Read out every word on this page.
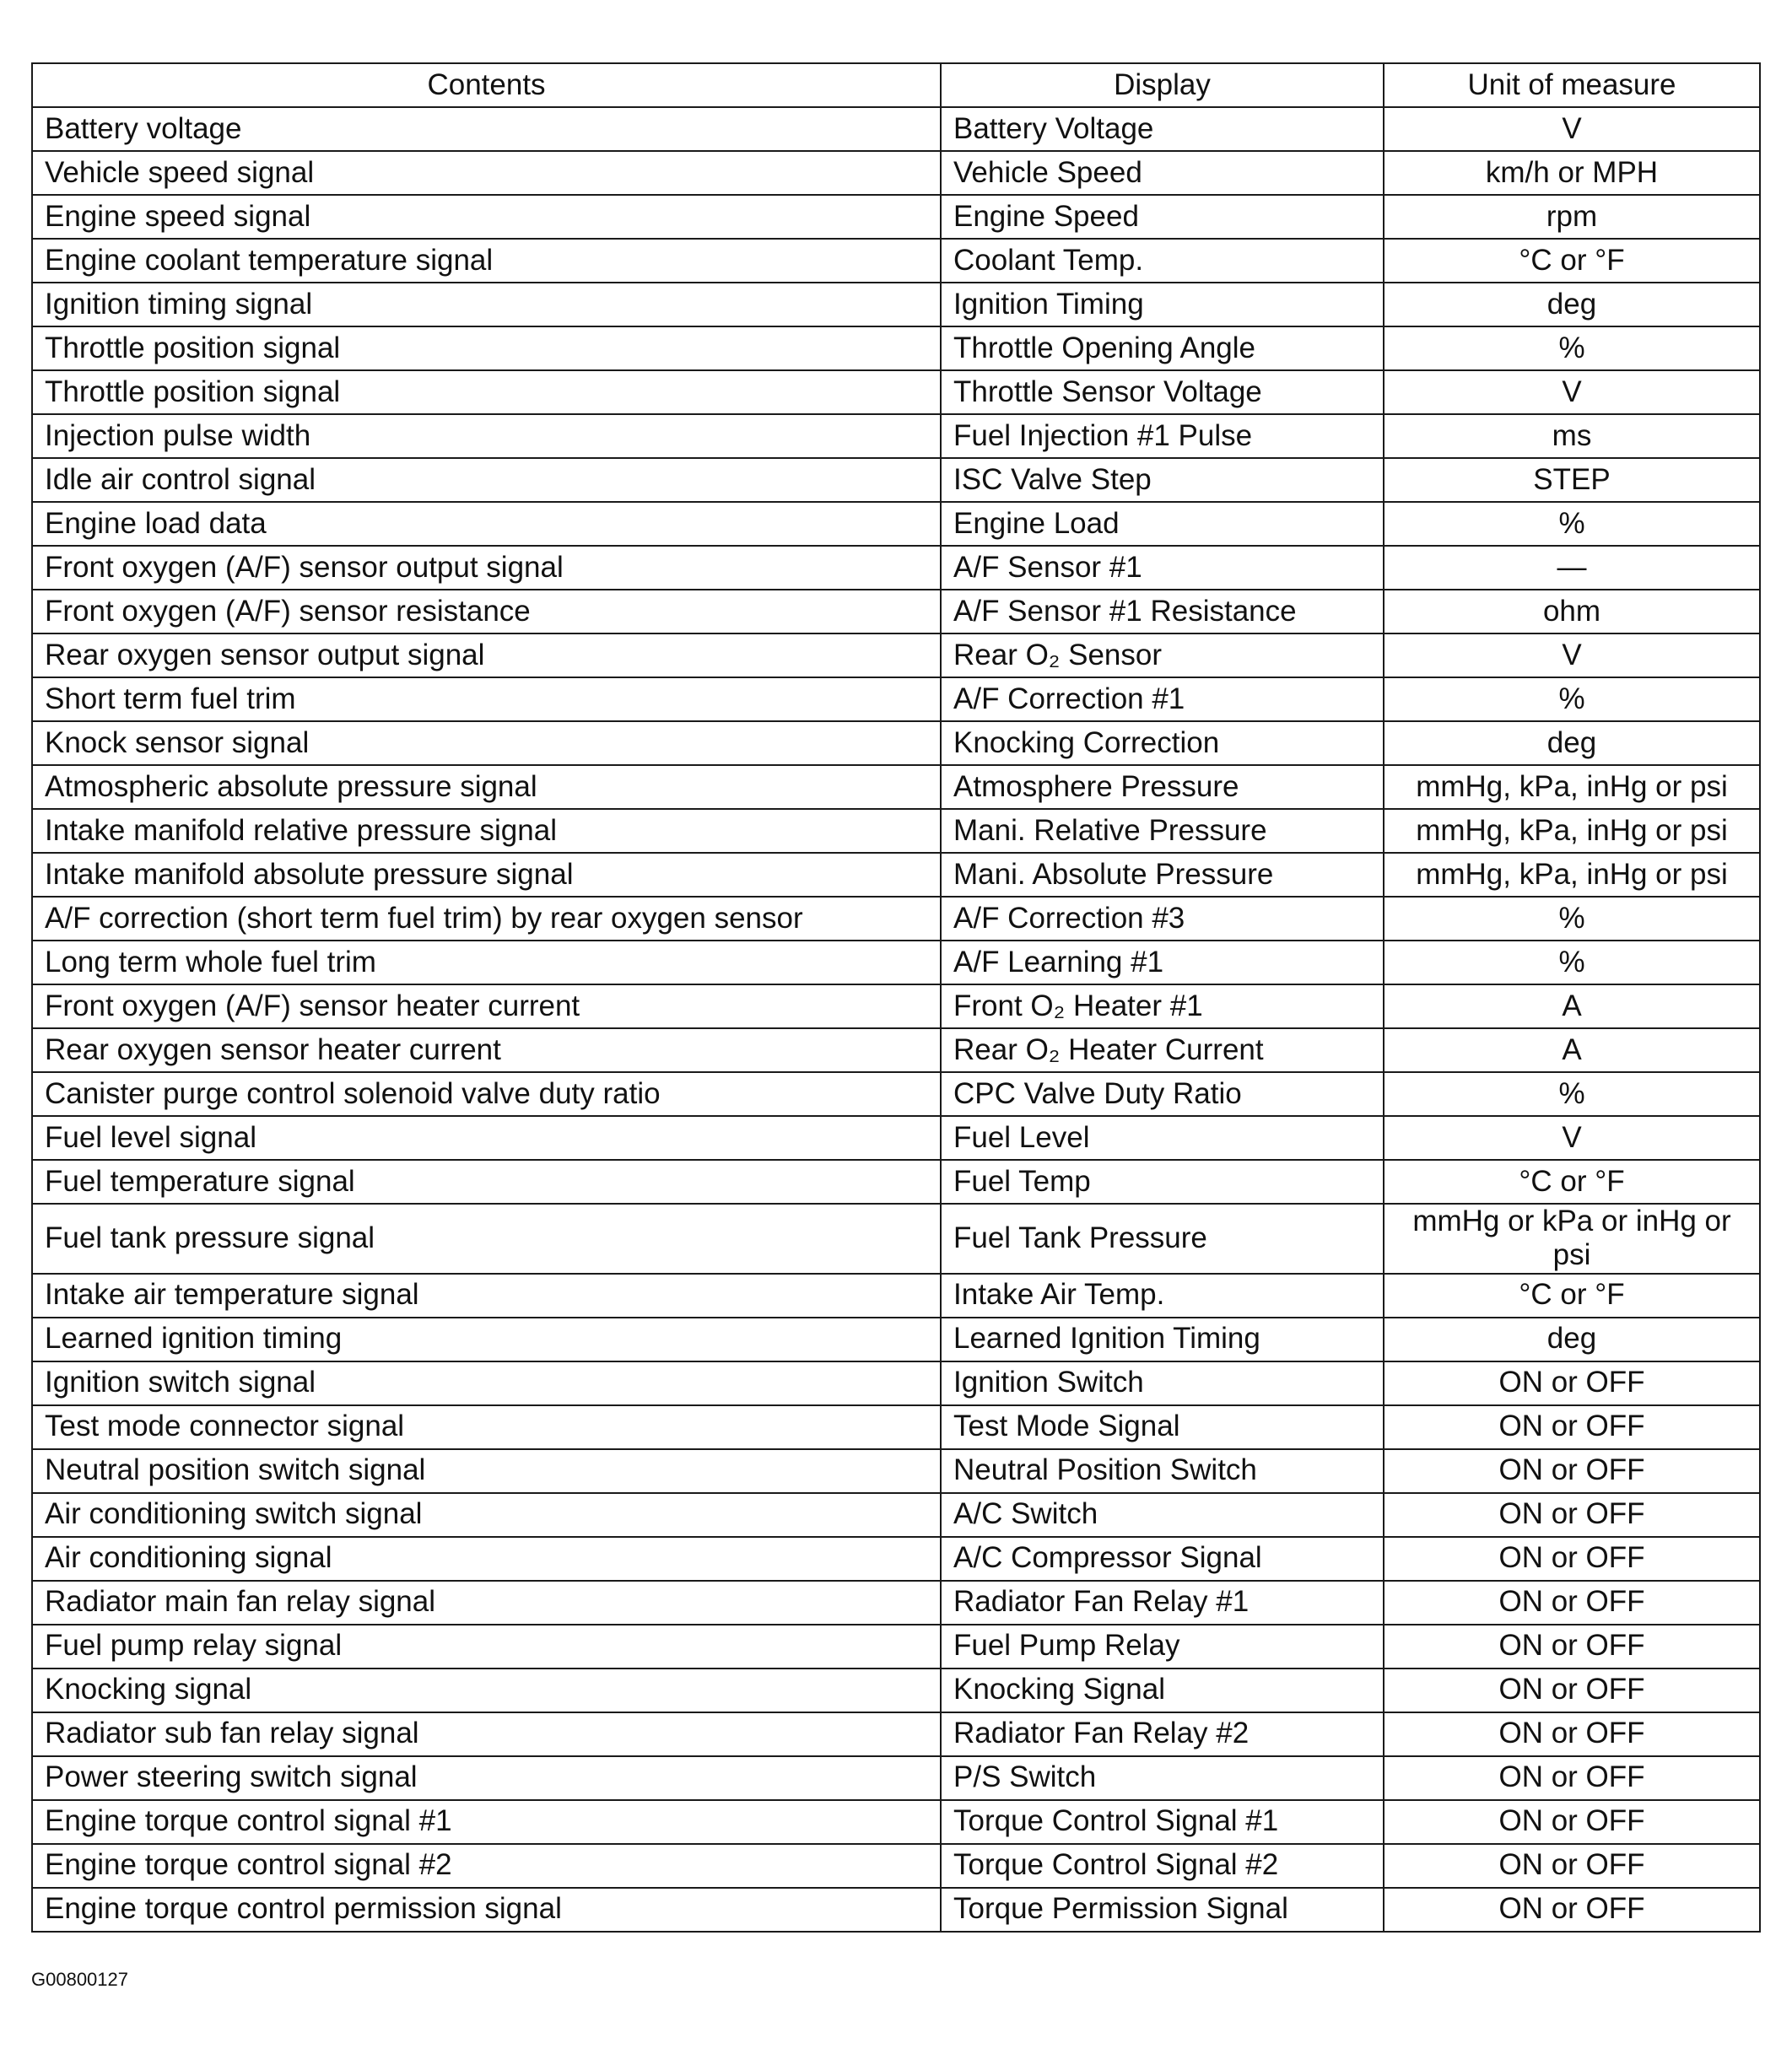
Contents	Display	Unit of measure
Battery voltage	Battery Voltage	V
Vehicle speed signal	Vehicle Speed	km/h or MPH
Engine speed signal	Engine Speed	rpm
Engine coolant temperature signal	Coolant Temp.	°C or °F
Ignition timing signal	Ignition Timing	deg
Throttle position signal	Throttle Opening Angle	%
Throttle position signal	Throttle Sensor Voltage	V
Injection pulse width	Fuel Injection #1 Pulse	ms
Idle air control signal	ISC Valve Step	STEP
Engine load data	Engine Load	%
Front oxygen (A/F) sensor output signal	A/F Sensor #1	—
Front oxygen (A/F) sensor resistance	A/F Sensor #1 Resistance	ohm
Rear oxygen sensor output signal	Rear O₂ Sensor	V
Short term fuel trim	A/F Correction #1	%
Knock sensor signal	Knocking Correction	deg
Atmospheric absolute pressure signal	Atmosphere Pressure	mmHg, kPa, inHg or psi
Intake manifold relative pressure signal	Mani. Relative Pressure	mmHg, kPa, inHg or psi
Intake manifold absolute pressure signal	Mani. Absolute Pressure	mmHg, kPa, inHg or psi
A/F correction (short term fuel trim) by rear oxygen sensor	A/F Correction #3	%
Long term whole fuel trim	A/F Learning #1	%
Front oxygen (A/F) sensor heater current	Front O₂ Heater #1	A
Rear oxygen sensor heater current	Rear O₂ Heater Current	A
Canister purge control solenoid valve duty ratio	CPC Valve Duty Ratio	%
Fuel level signal	Fuel Level	V
Fuel temperature signal	Fuel Temp	°C or °F
Fuel tank pressure signal	Fuel Tank Pressure	mmHg or kPa or inHg or psi
Intake air temperature signal	Intake Air Temp.	°C or °F
Learned ignition timing	Learned Ignition Timing	deg
Ignition switch signal	Ignition Switch	ON or OFF
Test mode connector signal	Test Mode Signal	ON or OFF
Neutral position switch signal	Neutral Position Switch	ON or OFF
Air conditioning switch signal	A/C Switch	ON or OFF
Air conditioning signal	A/C Compressor Signal	ON or OFF
Radiator main fan relay signal	Radiator Fan Relay #1	ON or OFF
Fuel pump relay signal	Fuel Pump Relay	ON or OFF
Knocking signal	Knocking Signal	ON or OFF
Radiator sub fan relay signal	Radiator Fan Relay #2	ON or OFF
Power steering switch signal	P/S Switch	ON or OFF
Engine torque control signal #1	Torque Control Signal #1	ON or OFF
Engine torque control signal #2	Torque Control Signal #2	ON or OFF
Engine torque control permission signal	Torque Permission Signal	ON or OFF
G00800127
